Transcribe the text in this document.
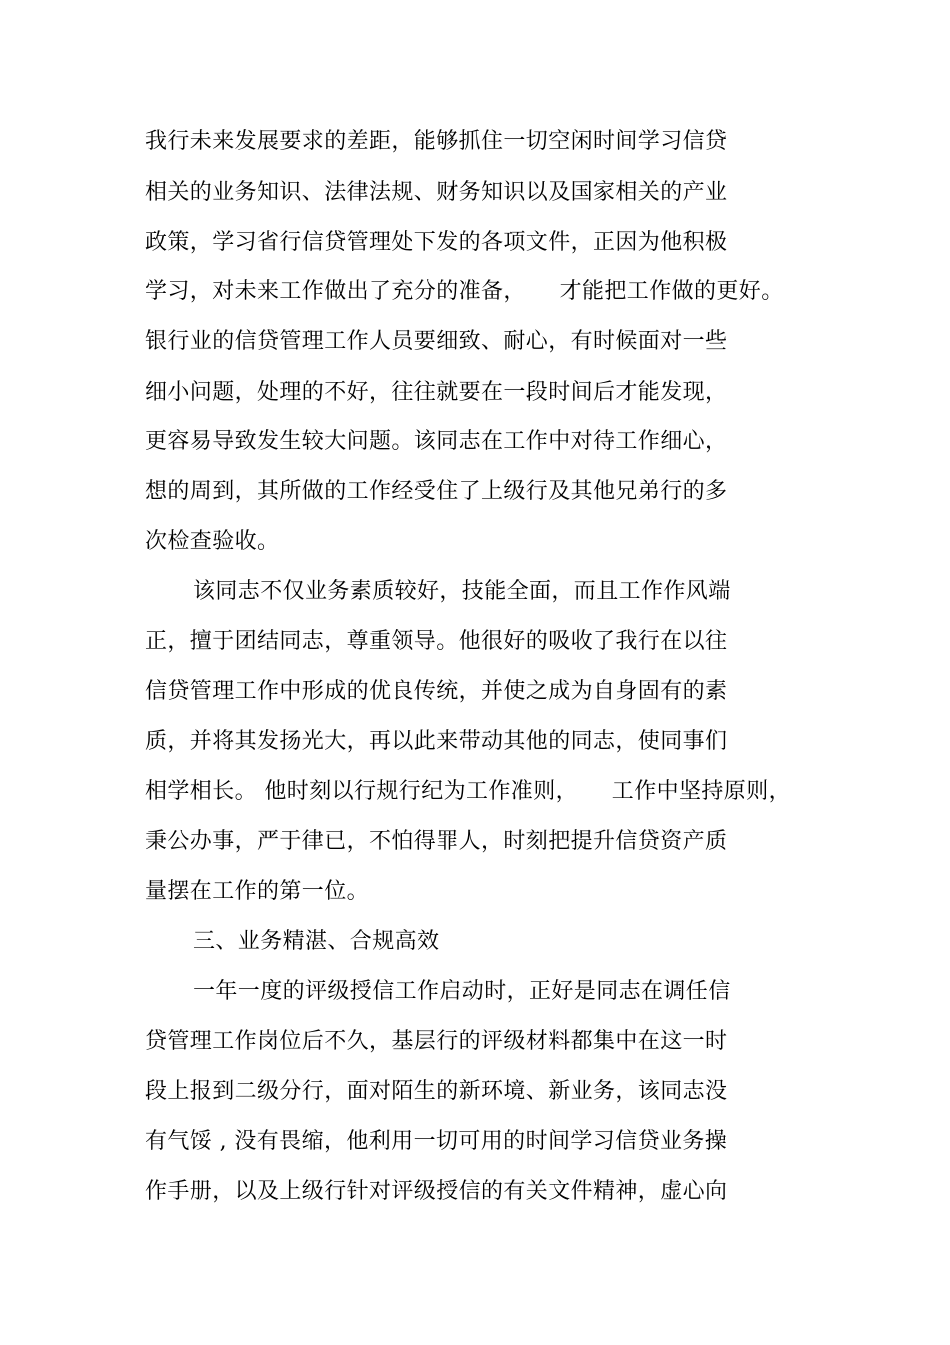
我行未来发展要求的差距，能够抓住一切空闲时间学习信贷
相关的业务知识、法律法规、财务知识以及国家相关的产业
政策，学习省行信贷管理处下发的各项文件，正因为他积极
学习，对未来工作做出了充分的准备，　　才能把工作做的更好。
银行业的信贷管理工作人员要细致、耐心，有时候面对一些
细小问题，处理的不好，往往就要在一段时间后才能发现，
更容易导致发生较大问题。该同志在工作中对待工作细心，
想的周到，其所做的工作经受住了上级行及其他兄弟行的多
次检查验收。
该同志不仅业务素质较好，技能全面，而且工作作风端
正，擅于团结同志，尊重领导。他很好的吸收了我行在以往
信贷管理工作中形成的优良传统，并使之成为自身固有的素
质，并将其发扬光大，再以此来带动其他的同志，使同事们
相学相长。 他时刻以行规行纪为工作准则，　　工作中坚持原则，
秉公办事，严于律已，不怕得罪人，时刻把提升信贷资产质
量摆在工作的第一位。
三、业务精湛、合规高效
一年一度的评级授信工作启动时，正好是同志在调任信
贷管理工作岗位后不久，基层行的评级材料都集中在这一时
段上报到二级分行，面对陌生的新环境、新业务，该同志没
有气馁 , 没有畏缩，他利用一切可用的时间学习信贷业务操
作手册，以及上级行针对评级授信的有关文件精神，虚心向
